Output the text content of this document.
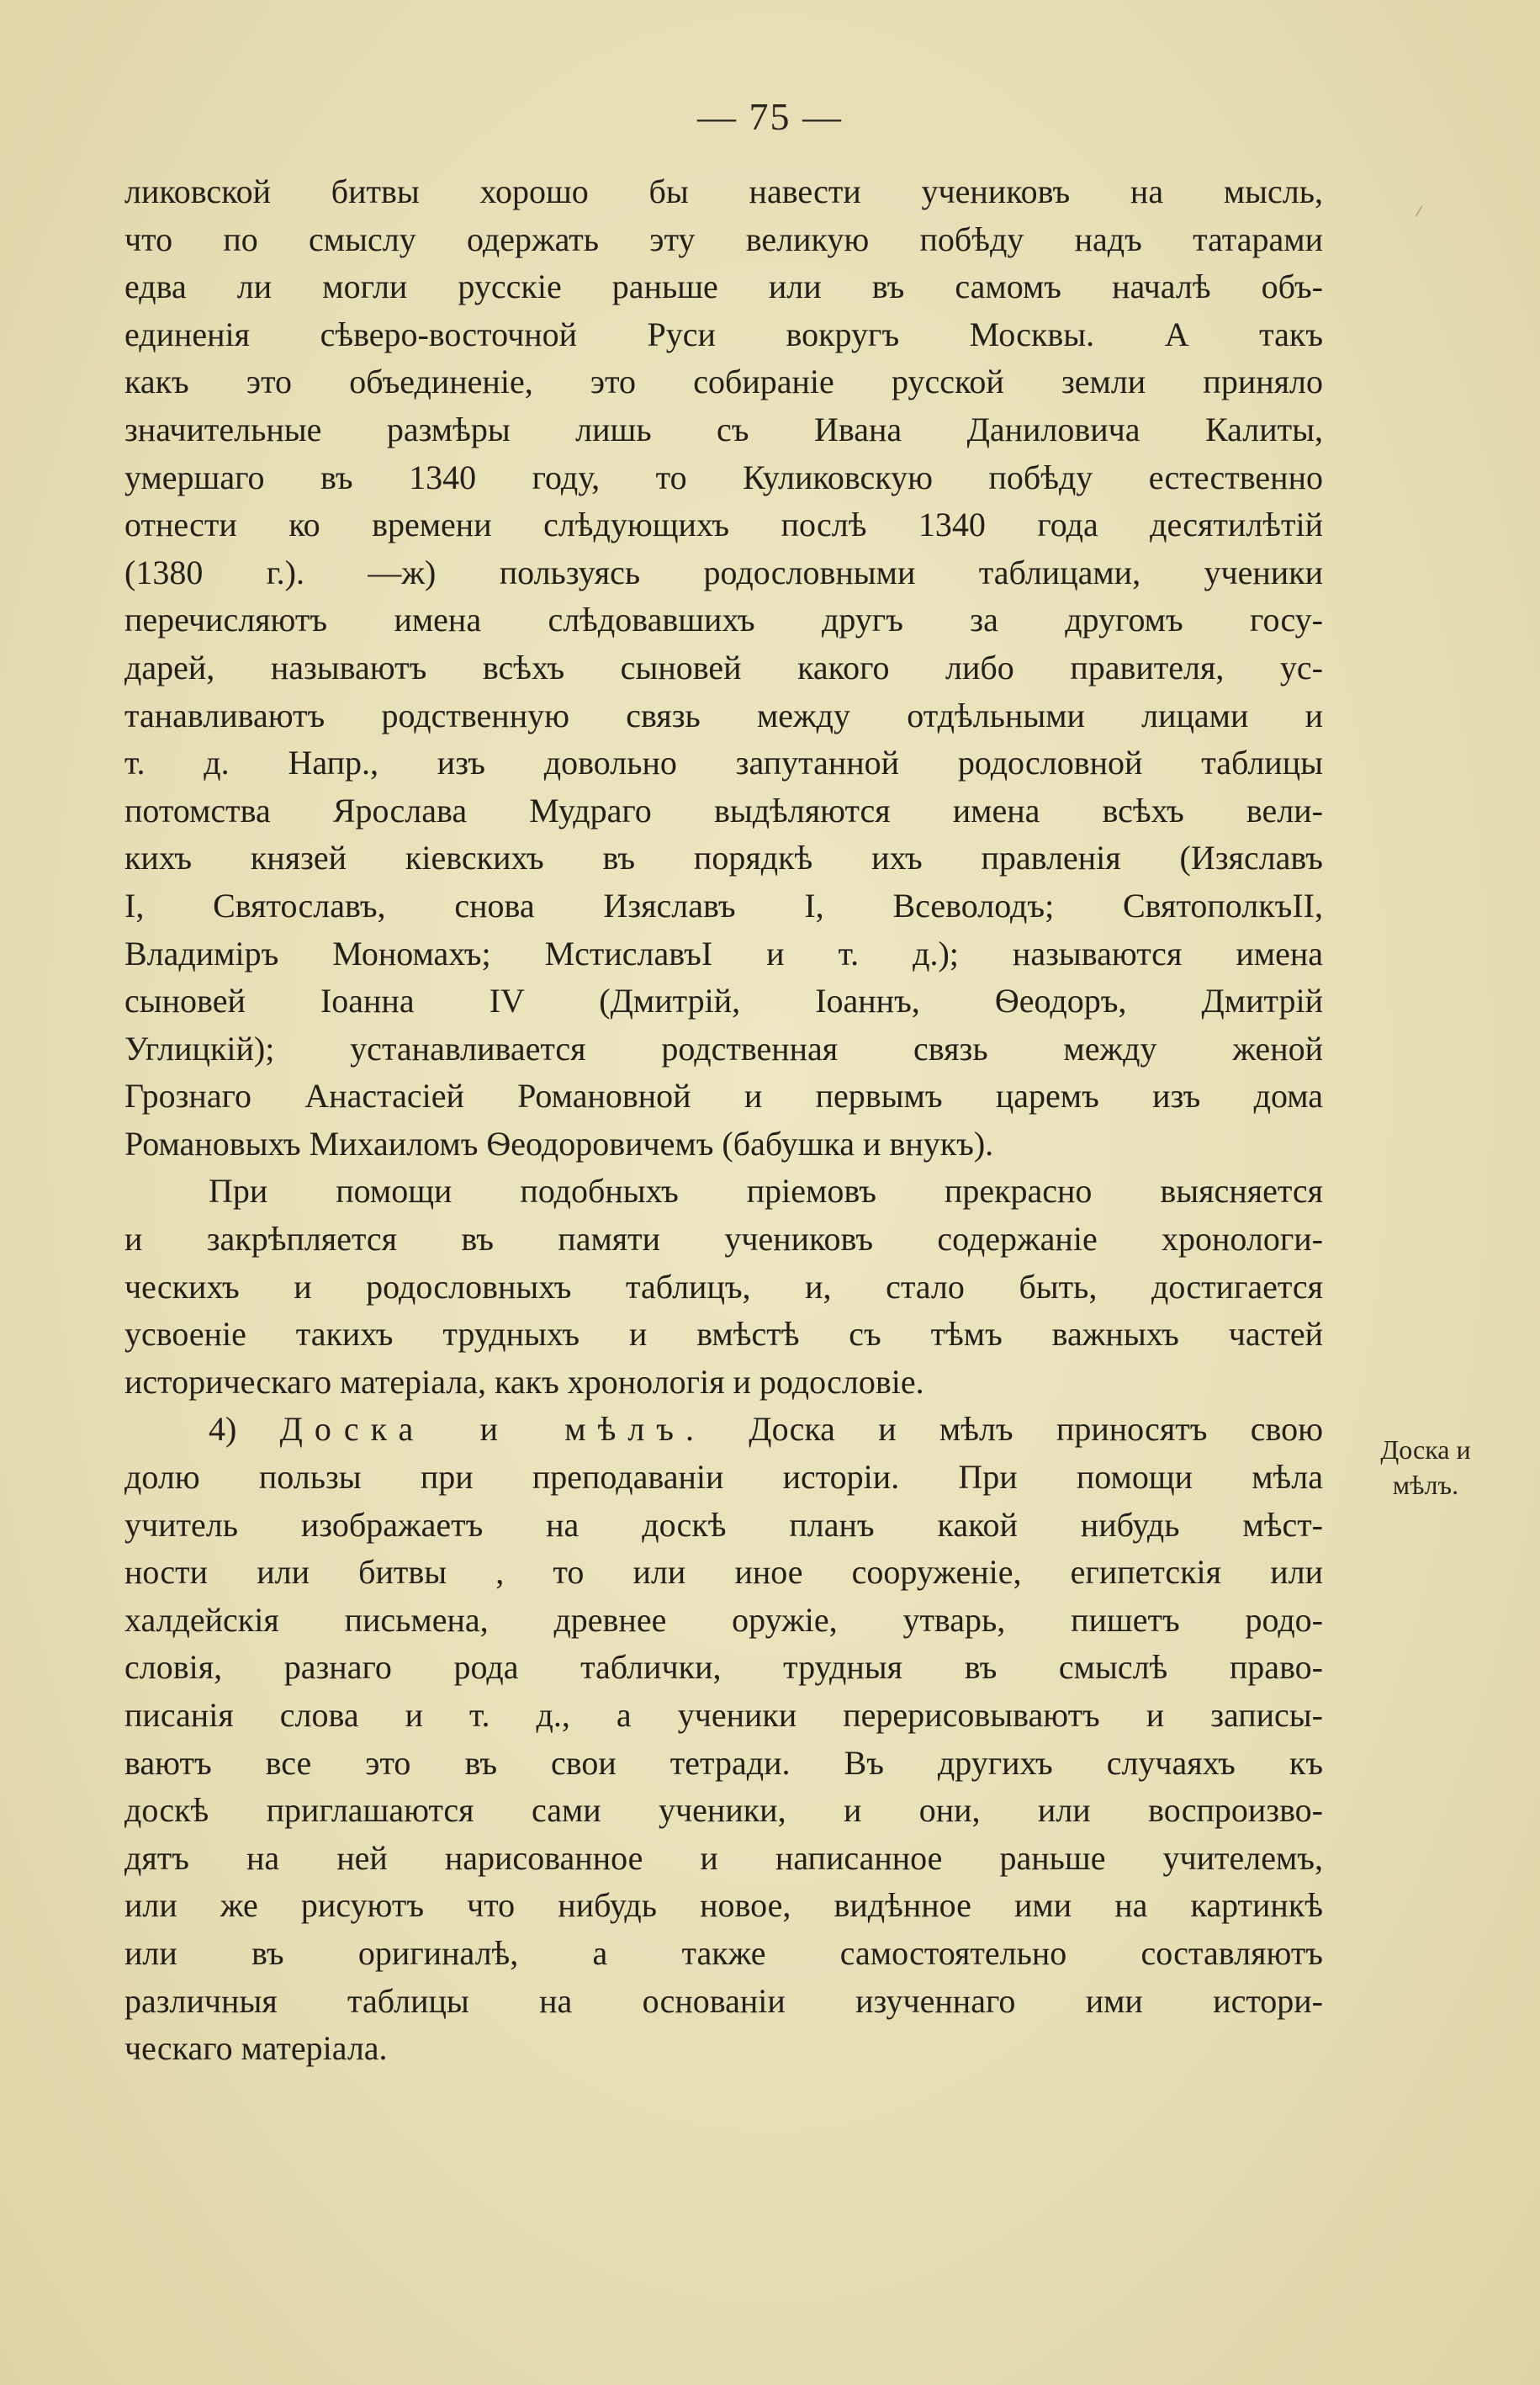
— 75 —
ликовской битвы хорошо бы навести учениковъ на мысль,
что по смыслу одержать эту великую побѣду надъ татарами
едва ли могли русскіе раньше или въ самомъ началѣ объ-
единенія сѣверо-восточной Руси вокругъ Москвы. А такъ
какъ это объединеніе, это собираніе русской земли приняло
значительные размѣры лишь съ Ивана Даниловича Калиты,
умершаго въ 1340 году, то Куликовскую побѣду естественно
отнести ко времени слѣдующихъ послѣ 1340 года десятилѣтій
(1380 г.). —ж) пользуясь родословными таблицами, ученики
перечисляютъ имена слѣдовавшихъ другъ за другомъ госу-
дарей, называютъ всѣхъ сыновей какого либо правителя, ус-
танавливаютъ родственную связь между отдѣльными лицами и
т. д. Напр., изъ довольно запутанной родословной таблицы
потомства Ярослава Мудраго выдѣляются имена всѣхъ вели-
кихъ князей кіевскихъ въ порядкѣ ихъ правленія (Изяславъ
I, Святославъ, снова Изяславъ I, Всеволодъ; СвятополкъII,
Владиміръ Мономахъ; МстиславъI и т. д.); называются имена
сыновей Іоанна IV (Дмитрій, Іоаннъ, Ѳеодоръ, Дмитрій
Углицкій); устанавливается родственная связь между женой
Грознаго Анастасіей Романовной и первымъ царемъ изъ дома
Романовыхъ Михаиломъ Ѳеодоровичемъ (бабушка и внукъ).
При помощи подобныхъ пріемовъ прекрасно выясняется
и закрѣпляется въ памяти учениковъ содержаніе хронологи-
ческихъ и родословныхъ таблицъ, и, стало быть, достигается
усвоеніе такихъ трудныхъ и вмѣстѣ съ тѣмъ важныхъ частей
историческаго матеріала, какъ хронологія и родословіе.
4) Доска и мѣлъ. Доска и мѣлъ приносятъ свою
долю пользы при преподаваніи исторіи. При помощи мѣла
учитель изображаетъ на доскѣ планъ какой нибудь мѣст-
ности или битвы , то или иное сооруженіе, египетскія или
халдейскія письмена, древнее оружіе, утварь, пишетъ родо-
словія, разнаго рода таблички, трудныя въ смыслѣ право-
писанія слова и т. д., а ученики перерисовываютъ и записы-
ваютъ все это въ свои тетради. Въ другихъ случаяхъ къ
доскѣ приглашаются сами ученики, и они, или воспроизво-
дятъ на ней нарисованное и написанное раньше учителемъ,
или же рисуютъ что нибудь новое, видѣнное ими на картинкѣ
или въ оригиналѣ, а также самостоятельно составляютъ
различныя таблицы на основаніи изученнаго ими истори-
ческаго матеріала.
Доска и
мѣлъ.
